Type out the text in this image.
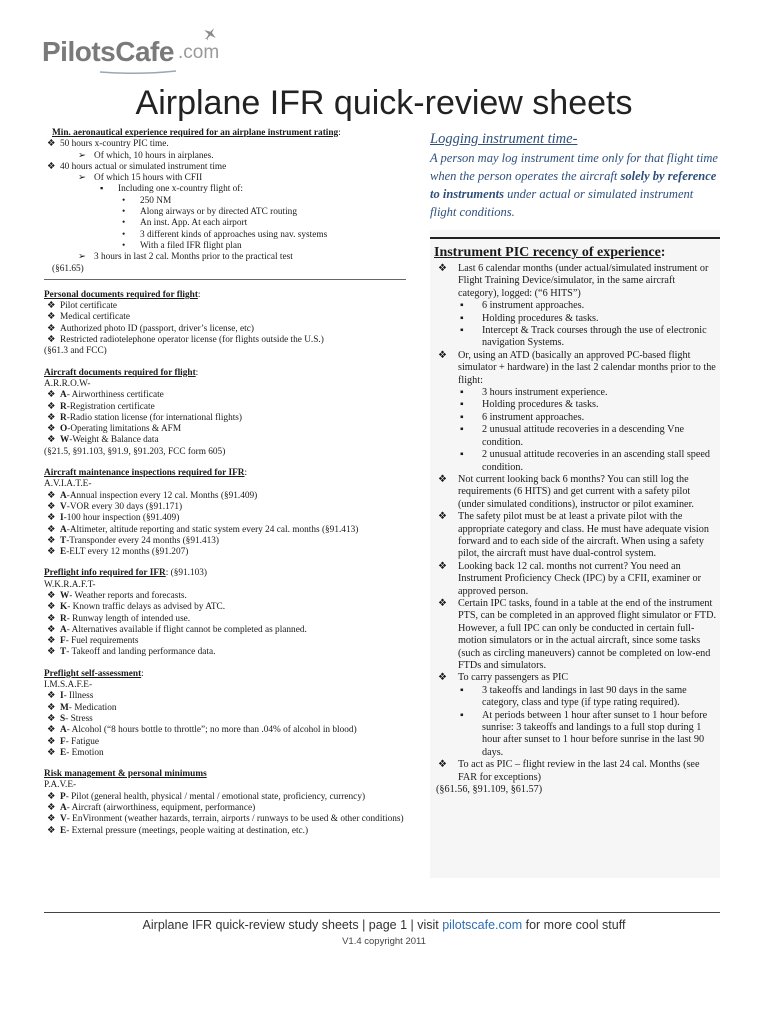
PilotsCafe .com
Airplane IFR quick-review sheets
Min. aeronautical experience required for an airplane instrument rating:
❖ 50 hours x-country PIC time.
➢ Of which, 10 hours in airplanes.
❖ 40 hours actual or simulated instrument time
➢ Of which 15 hours with CFII
▪ Including one x-country flight of:
• 250 NM
• Along airways or by directed ATC routing
• An inst. App. At each airport
• 3 different kinds of approaches using nav. systems
• With a filed IFR flight plan
➢ 3 hours in last 2 cal. Months prior to the practical test
(§61.65)
Personal documents required for flight:
❖ Pilot certificate
❖ Medical certificate
❖ Authorized photo ID (passport, driver’s license, etc)
❖ Restricted radiotelephone operator license (for flights outside the U.S.)
(§61.3 and FCC)
Aircraft documents required for flight:
A.R.R.O.W-
❖ A- Airworthiness certificate
❖ R-Registration certificate
❖ R-Radio station license (for international flights)
❖ O-Operating limitations & AFM
❖ W-Weight & Balance data
(§21.5, §91.103, §91.9, §91.203, FCC form 605)
Aircraft maintenance inspections required for IFR:
A.V.I.A.T.E-
❖ A-Annual inspection every 12 cal. Months (§91.409)
❖ V-VOR every 30 days (§91.171)
❖ I-100 hour inspection (§91.409)
❖ A-Altimeter, altitude reporting and static system every 24 cal. months (§91.413)
❖ T-Transponder every 24 months (§91.413)
❖ E-ELT every 12 months (§91.207)
Preflight info required for IFR: (§91.103)
W.K.R.A.F.T-
❖ W- Weather reports and forecasts.
❖ K- Known traffic delays as advised by ATC.
❖ R- Runway length of intended use.
❖ A- Alternatives available if flight cannot be completed as planned.
❖ F- Fuel requirements
❖ T- Takeoff and landing performance data.
Preflight self-assessment:
I.M.S.A.F.E-
❖ I- Illness
❖ M- Medication
❖ S- Stress
❖ A- Alcohol (“8 hours bottle to throttle”; no more than .04% of alcohol in blood)
❖ F- Fatigue
❖ E- Emotion
Risk management & personal minimums
P.A.V.E-
❖ P- Pilot (general health, physical / mental / emotional state, proficiency, currency)
❖ A- Aircraft (airworthiness, equipment, performance)
❖ V- EnVironment (weather hazards, terrain, airports / runways to be used & other conditions)
❖ E- External pressure (meetings, people waiting at destination, etc.)
Logging instrument time-
A person may log instrument time only for that flight time when the person operates the aircraft solely by reference to instruments under actual or simulated instrument flight conditions.
Instrument PIC recency of experience:
❖ Last 6 calendar months (under actual/simulated instrument or Flight Training Device/simulator, in the same aircraft category), logged: (“6 HITS”)
▪ 6 instrument approaches.
▪ Holding procedures & tasks.
▪ Intercept & Track courses through the use of electronic navigation Systems.
❖ Or, using an ATD (basically an approved PC-based flight simulator + hardware) in the last 2 calendar months prior to the flight:
▪ 3 hours instrument experience.
▪ Holding procedures & tasks.
▪ 6 instrument approaches.
▪ 2 unusual attitude recoveries in a descending Vne condition.
▪ 2 unusual attitude recoveries in an ascending stall speed condition.
❖ Not current looking back 6 months? You can still log the requirements (6 HITS) and get current with a safety pilot (under simulated conditions), instructor or pilot examiner.
❖ The safety pilot must be at least a private pilot with the appropriate category and class. He must have adequate vision forward and to each side of the aircraft. When using a safety pilot, the aircraft must have dual-control system.
❖ Looking back 12 cal. months not current? You need an Instrument Proficiency Check (IPC) by a CFII, examiner or approved person.
❖ Certain IPC tasks, found in a table at the end of the instrument PTS, can be completed in an approved flight simulator or FTD. However, a full IPC can only be conducted in certain full-motion simulators or in the actual aircraft, since some tasks (such as circling maneuvers) cannot be completed on low-end FTDs and simulators.
❖ To carry passengers as PIC
▪ 3 takeoffs and landings in last 90 days in the same category, class and type (if type rating required).
▪ At periods between 1 hour after sunset to 1 hour before sunrise: 3 takeoffs and landings to a full stop during 1 hour after sunset to 1 hour before sunrise in the last 90 days.
❖ To act as PIC – flight review in the last 24 cal. Months (see FAR for exceptions)
(§61.56, §91.109, §61.57)
Airplane IFR quick-review study sheets | page 1 | visit pilotscafe.com for more cool stuff
V1.4 copyright 2011
